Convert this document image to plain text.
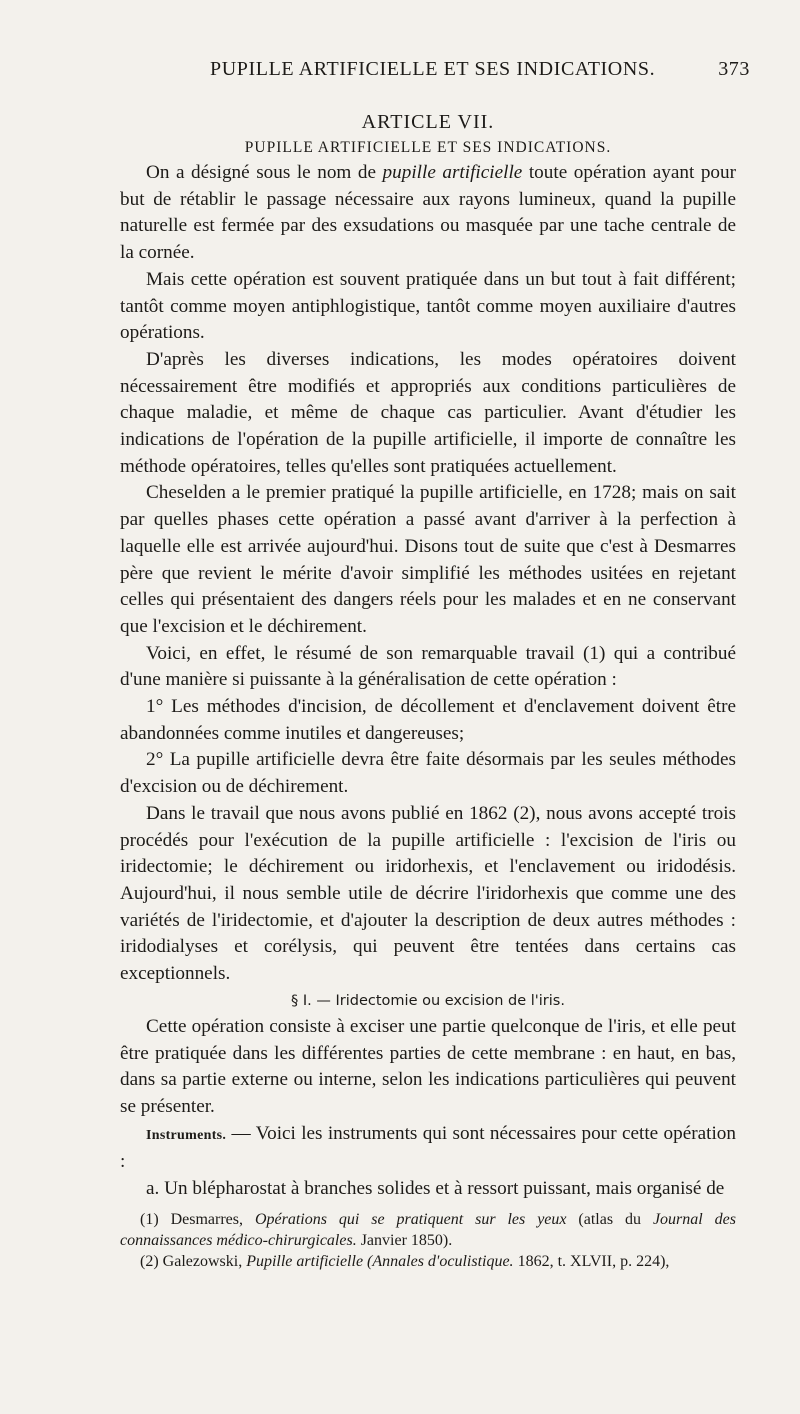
PUPILLE ARTIFICIELLE ET SES INDICATIONS.	373

ARTICLE VII.

PUPILLE ARTIFICIELLE ET SES INDICATIONS.

On a désigné sous le nom de pupille artificielle toute opération ayant pour but de rétablir le passage nécessaire aux rayons lumineux, quand la pupille naturelle est fermée par des exsudations ou masquée par une tache centrale de la cornée.

Mais cette opération est souvent pratiquée dans un but tout à fait différent; tantôt comme moyen antiphlogistique, tantôt comme moyen auxiliaire d'autres opérations.

D'après les diverses indications, les modes opératoires doivent nécessairement être modifiés et appropriés aux conditions particulières de chaque maladie, et même de chaque cas particulier. Avant d'étudier les indications de l'opération de la pupille artificielle, il importe de connaître les méthode opératoires, telles qu'elles sont pratiquées actuellement.

Cheselden a le premier pratiqué la pupille artificielle, en 1728; mais on sait par quelles phases cette opération a passé avant d'arriver à la perfection à laquelle elle est arrivée aujourd'hui. Disons tout de suite que c'est à Desmarres père que revient le mérite d'avoir simplifié les méthodes usitées en rejetant celles qui présentaient des dangers réels pour les malades et en ne conservant que l'excision et le déchirement.

Voici, en effet, le résumé de son remarquable travail (1) qui a contribué d'une manière si puissante à la généralisation de cette opération :

1° Les méthodes d'incision, de décollement et d'enclavement doivent être abandonnées comme inutiles et dangereuses;

2° La pupille artificielle devra être faite désormais par les seules méthodes d'excision ou de déchirement.

Dans le travail que nous avons publié en 1862 (2), nous avons accepté trois procédés pour l'exécution de la pupille artificielle : l'excision de l'iris ou iridectomie; le déchirement ou iridorhexis, et l'enclavement ou iridodésis. Aujourd'hui, il nous semble utile de décrire l'iridorhexis que comme une des variétés de l'iridectomie, et d'ajouter la description de deux autres méthodes : iridodialyses et corélysis, qui peuvent être tentées dans certains cas exceptionnels.

§ I. — Iridectomie ou excision de l'iris.

Cette opération consiste à exciser une partie quelconque de l'iris, et elle peut être pratiquée dans les différentes parties de cette membrane : en haut, en bas, dans sa partie externe ou interne, selon les indications particulières qui peuvent se présenter.

Instruments. — Voici les instruments qui sont nécessaires pour cette opération :

a. Un blépharostat à branches solides et à ressort puissant, mais organisé de

(1) Desmarres, Opérations qui se pratiquent sur les yeux (atlas du Journal des connaissances médico-chirurgicales. Janvier 1850).

(2) Galezowski, Pupille artificielle (Annales d'oculistique. 1862, t. XLVII, p. 224),
